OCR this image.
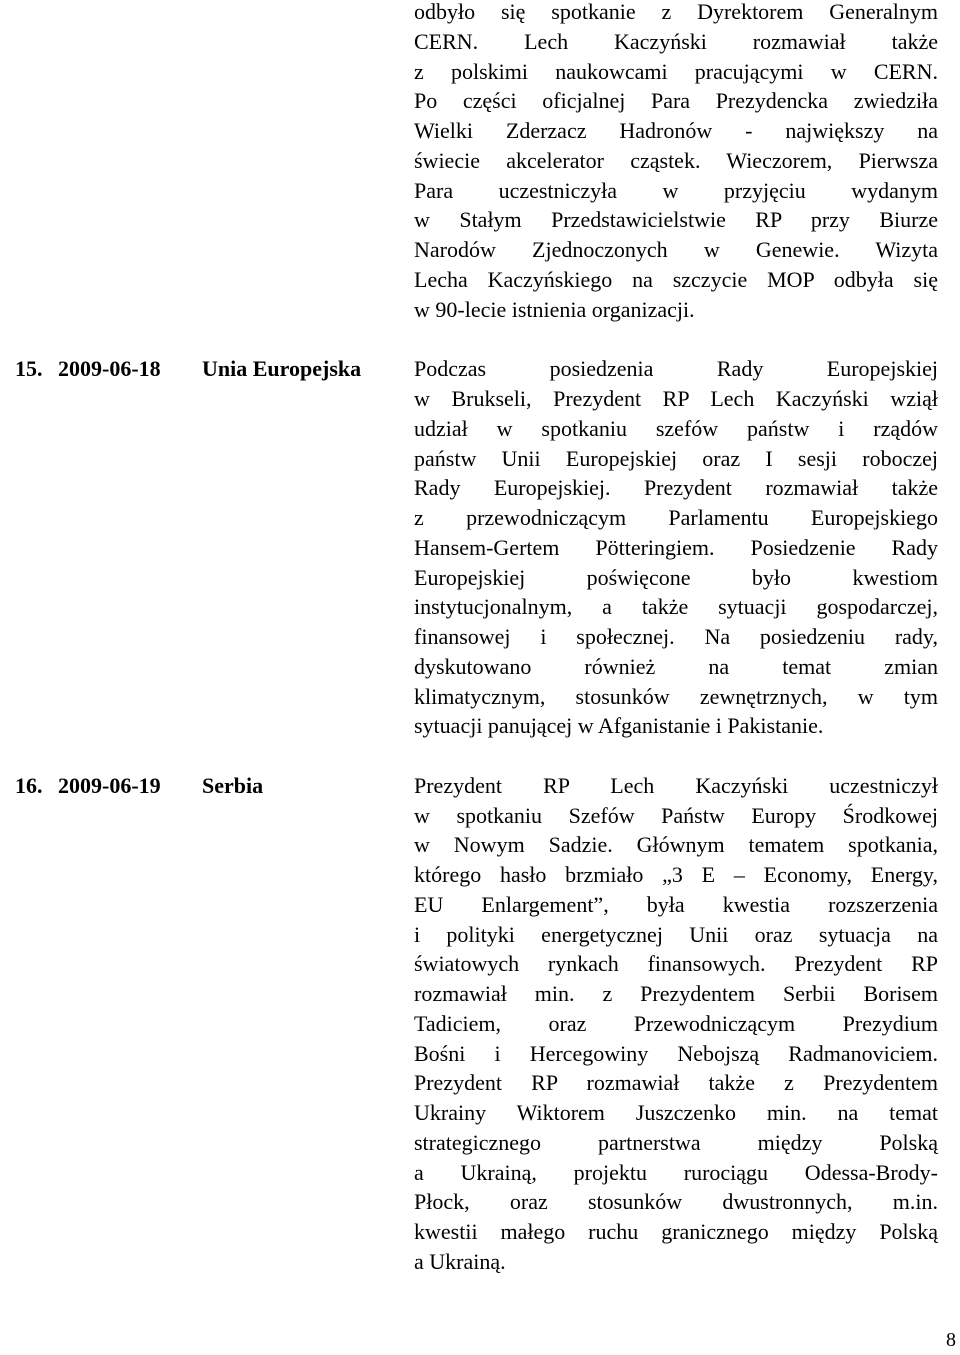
odbyło się spotkanie z Dyrektorem Generalnym
CERN. Lech Kaczyński rozmawiał także
z polskimi naukowcami pracującymi w CERN.
Po części oficjalnej Para Prezydencka zwiedziła
Wielki Zderzacz Hadronów - największy na
świecie akcelerator cząstek. Wieczorem, Pierwsza
Para uczestniczyła w przyjęciu wydanym
w Stałym Przedstawicielstwie RP przy Biurze
Narodów Zjednoczonych w Genewie. Wizyta
Lecha Kaczyńskiego na szczycie MOP odbyła się
w 90-lecie istnienia organizacji.
15. 2009-06-18 Unia Europejska Podczas posiedzenia Rady Europejskiej
w Brukseli, Prezydent RP Lech Kaczyński wziął
udział w spotkaniu szefów państw i rządów
państw Unii Europejskiej oraz I sesji roboczej
Rady Europejskiej. Prezydent rozmawiał także
z przewodniczącym Parlamentu Europejskiego
Hansem-Gertem Pötteringiem. Posiedzenie Rady
Europejskiej poświęcone było kwestiom
instytucjonalnym, a także sytuacji gospodarczej,
finansowej i społecznej. Na posiedzeniu rady,
dyskutowano również na temat zmian
klimatycznym, stosunków zewnętrznych, w tym
sytuacji panującej w Afganistanie i Pakistanie.
16. 2009-06-19 Serbia	Prezydent RP Lech Kaczyński uczestniczył
w spotkaniu Szefów Państw Europy Środkowej
w Nowym Sadzie. Głównym tematem spotkania,
którego hasło brzmiało „3 E – Economy, Energy,
EU Enlargement”, była kwestia rozszerzenia
i polityki energetycznej Unii oraz sytuacja na
światowych rynkach finansowych. Prezydent RP
rozmawiał min. z Prezydentem Serbii Borisem
Tadiciem, oraz Przewodniczącym Prezydium
Bośni i Hercegowiny Nebojszą Radmanoviciem.
Prezydent RP rozmawiał także z Prezydentem
Ukrainy Wiktorem Juszczenko min. na temat
strategicznego partnerstwa między Polską
a Ukrainą, projektu rurociągu Odessa-Brody-
Płock, oraz stosunków dwustronnych, m.in.
kwestii małego ruchu granicznego między Polską
a Ukrainą.
8
